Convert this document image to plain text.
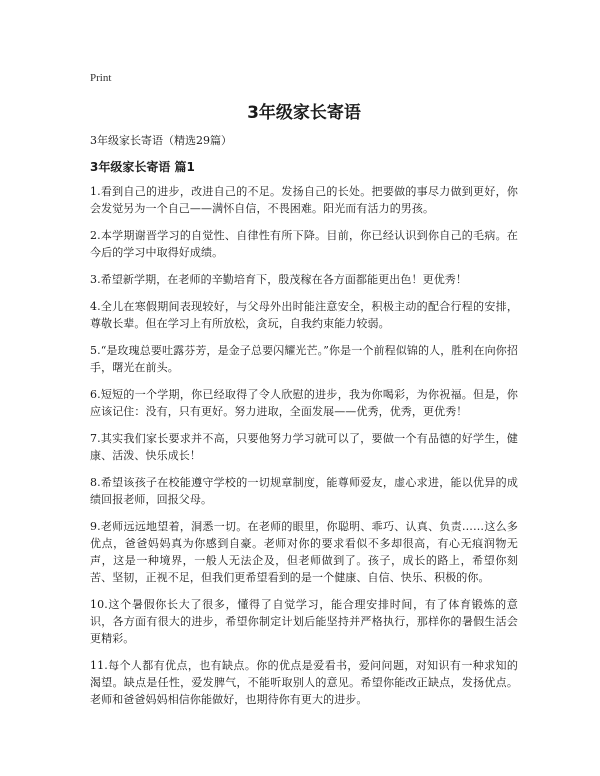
Print
3年级家长寄语
3年级家长寄语（精选29篇）
3年级家长寄语 篇1

1.看到自己的进步，改进自己的不足。发扬自己的长处。把要做的事尽力做到更好，你会发觉另为一个自己——满怀自信，不畏困难。阳光而有活力的男孩。

2.本学期谢晋学习的自觉性、自律性有所下降。目前，你已经认识到你自己的毛病。在今后的学习中取得好成绩。

3.希望新学期，在老师的辛勤培育下，殷茂稼在各方面都能更出色！更优秀！

4.全儿在寒假期间表现较好，与父母外出时能注意安全，积极主动的配合行程的安排，尊敬长辈。但在学习上有所放松，贪玩，自我约束能力较弱。

5.“是玫瑰总要吐露芬芳，是金子总要闪耀光芒。”你是一个前程似锦的人，胜利在向你招手，曙光在前头。

6.短短的一个学期，你已经取得了令人欣慰的进步，我为你喝彩，为你祝福。但是，你应该记住：没有，只有更好。努力进取，全面发展——优秀，优秀，更优秀！

7.其实我们家长要求并不高，只要他努力学习就可以了，要做一个有品德的好学生，健康、活泼、快乐成长！

8.希望该孩子在校能遵守学校的一切规章制度，能尊师爱友，虚心求进，能以优异的成绩回报老师，回报父母。

9.老师远远地望着，洞悉一切。在老师的眼里，你聪明、乖巧、认真、负责……这么多优点，爸爸妈妈真为你感到自豪。老师对你的要求看似不多却很高，有心无痕润物无声，这是一种境界，一般人无法企及，但老师做到了。孩子，成长的路上，希望你刻苦、坚韧，正视不足，但我们更希望看到的是一个健康、自信、快乐、积极的你。

10.这个暑假你长大了很多，懂得了自觉学习，能合理安排时间，有了体育锻炼的意识，各方面有很大的进步，希望你制定计划后能坚持并严格执行，那样你的暑假生活会更精彩。

11.每个人都有优点，也有缺点。你的优点是爱看书，爱问问题，对知识有一种求知的渴望。缺点是任性，爱发脾气，不能听取别人的意见。希望你能改正缺点，发扬优点。老师和爸爸妈妈相信你能做好，也期待你有更大的进步。
